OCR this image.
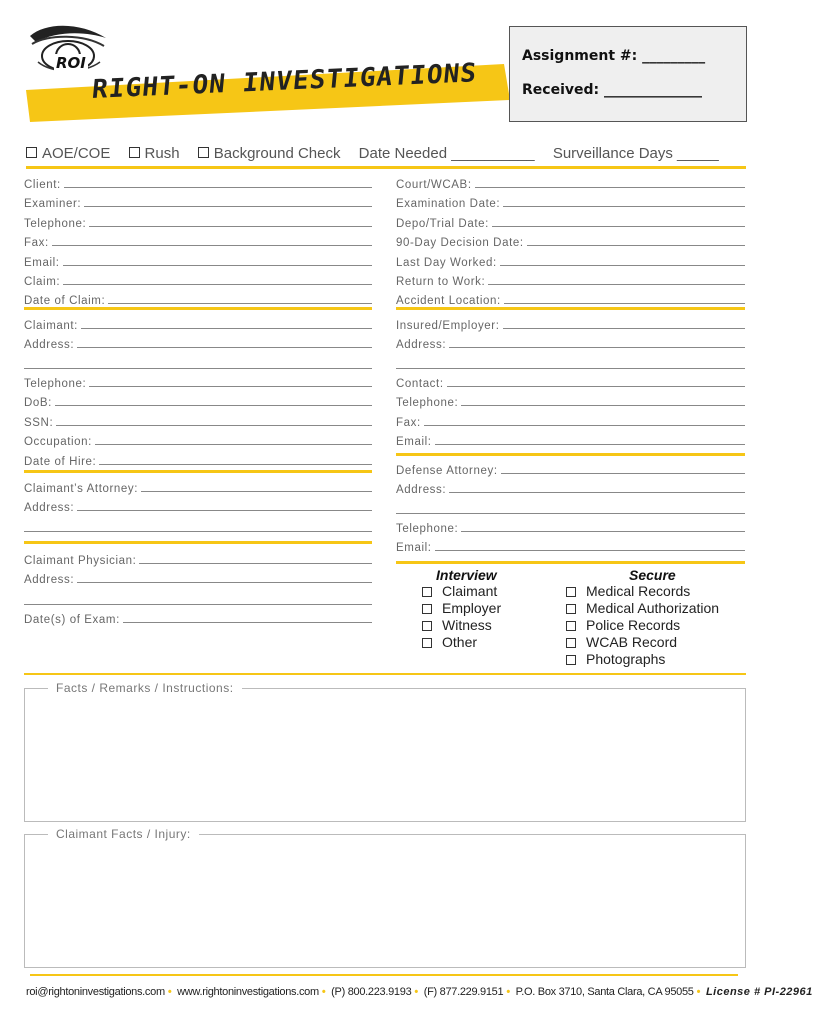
ROI RIGHT-ON INVESTIGATIONS
Assignment #: _________
Received: ______________
AOE/COE Rush Background Check Date Needed __________ Surveillance Days _____
Client:
Examiner:
Telephone:
Fax:
Email:
Claim:
Date of Claim:
Court/WCAB:
Examination Date:
Depo/Trial Date:
90-Day Decision Date:
Last Day Worked:
Return to Work:
Accident Location:
Claimant:
Address:
Telephone:
DoB:
SSN:
Occupation:
Date of Hire:
Insured/Employer:
Address:
Contact:
Telephone:
Fax:
Email:
Claimant’s Attorney:
Address:
Defense Attorney:
Address:
Telephone:
Email:
Claimant Physician:
Address:
Date(s) of Exam:
Interview	Secure
Claimant
Employer
Witness
Other
Medical Records
Medical Authorization
Police Records
WCAB Record
Photographs
Facts / Remarks / Instructions:
Claimant Facts / Injury:
roi@rightoninvestigations.com • www.rightoninvestigations.com • (P) 800.223.9193 • (F) 877.229.9151 • P.O. Box 3710, Santa Clara, CA 95055 • License # PI-22961
